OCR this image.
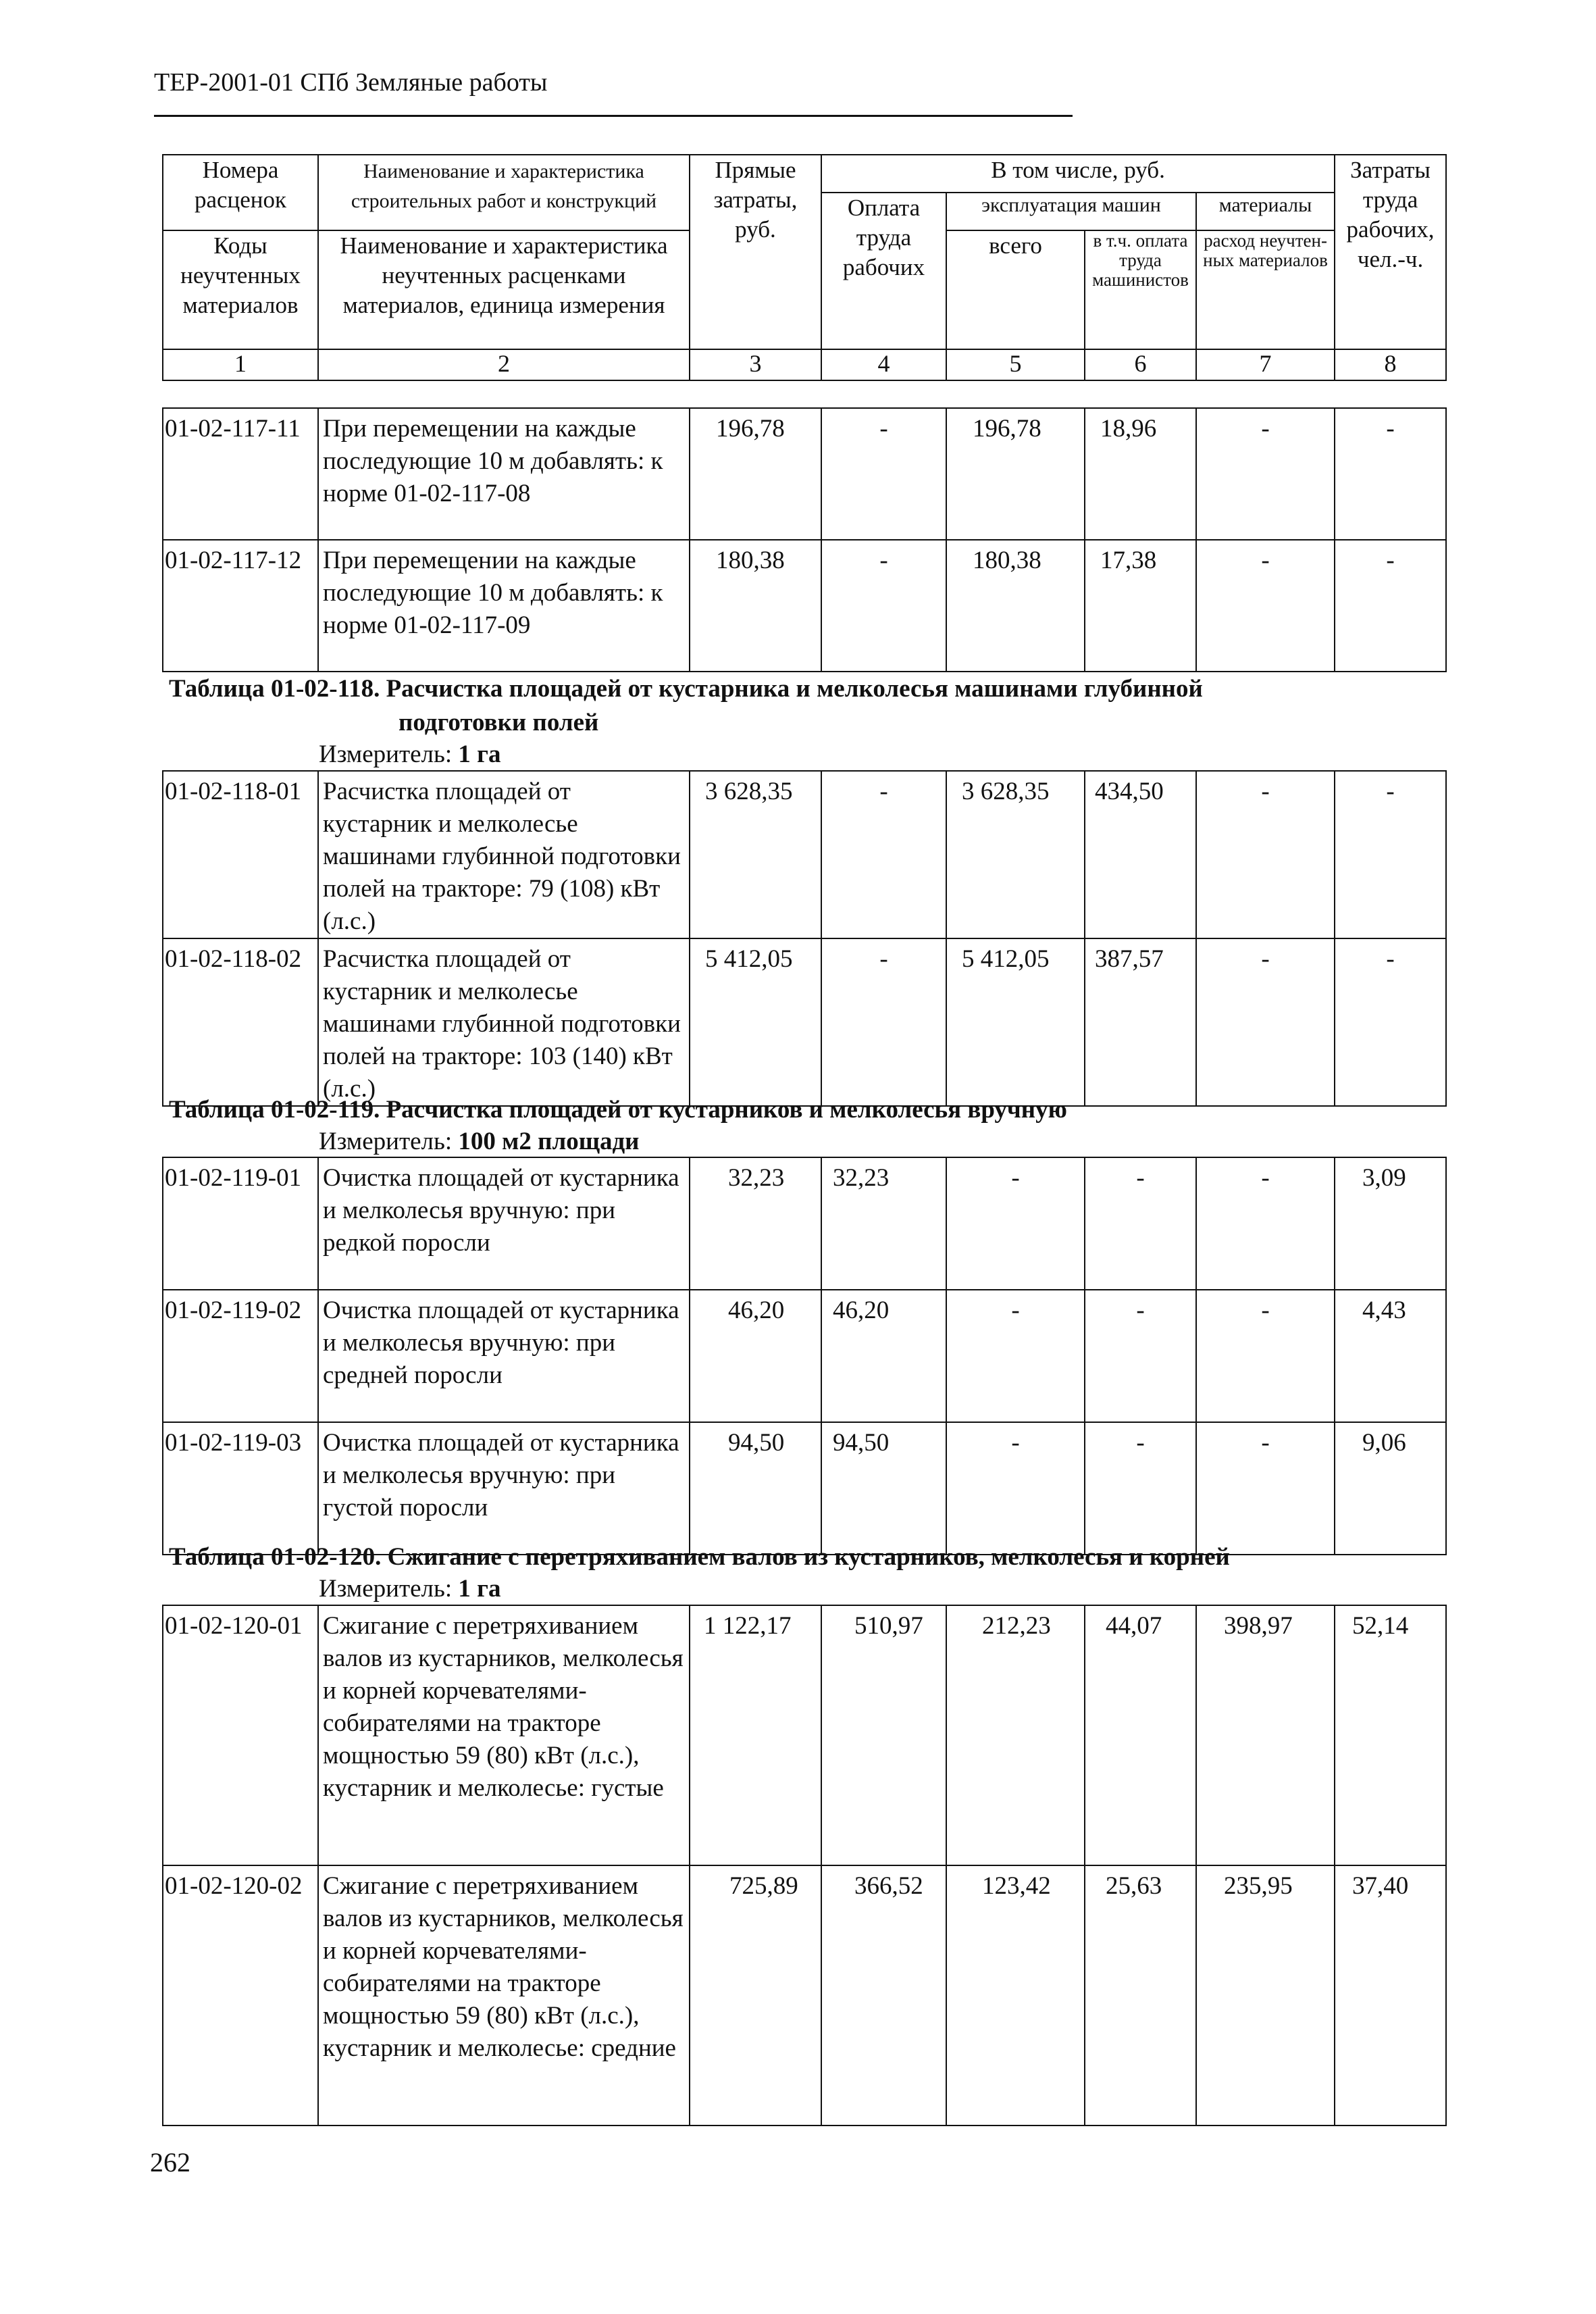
ТЕР-2001-01 СПб Земляные работы
Номера расценок	Наименование и характеристика строительных работ и конструкций	Прямые затраты, руб.	В том числе, руб.				Затраты труда рабочих, чел.-ч.
			Оплата труда рабочих	эксплуатация машин		материалы	
Коды неучтенных материалов	Наименование и характеристика неучтенных расценками материалов, единица измерения			всего	в т.ч. оплата труда машинистов	расход неучтен-ных материалов	

1	2	3	4	5	6	7	8
01-02-117-11	При перемещении на каждые последующие 10 м добавлять: к норме 01-02-117-08	196,78	-	196,78	18,96	-	-
01-02-117-12	При перемещении на каждые последующие 10 м добавлять: к норме 01-02-117-09	180,38	-	180,38	17,38	-	-
Таблица 01-02-118. Расчистка площадей от кустарника и мелколесья машинами глубинной
подготовки полей
Измеритель: 1 га
01-02-118-01	Расчистка площадей от кустарник и мелколесье машинами глубинной подготовки полей на тракторе: 79 (108) кВт (л.с.)	3 628,35	-	3 628,35	434,50	-	-
01-02-118-02	Расчистка площадей от кустарник и мелколесье машинами глубинной подготовки полей на тракторе: 103 (140) кВт (л.с.)	5 412,05	-	5 412,05	387,57	-	-
Таблица 01-02-119. Расчистка площадей от кустарников и мелколесья вручную
Измеритель: 100 м2 площади
01-02-119-01	Очистка площадей от кустарника и мелколесья вручную: при редкой поросли	32,23	32,23	-	-	-	3,09
01-02-119-02	Очистка площадей от кустарника и мелколесья вручную: при средней поросли	46,20	46,20	-	-	-	4,43
01-02-119-03	Очистка площадей от кустарника и мелколесья вручную: при густой поросли	94,50	94,50	-	-	-	9,06
Таблица 01-02-120. Сжигание с перетряхиванием валов из кустарников, мелколесья и корней
Измеритель: 1 га
01-02-120-01	Сжигание с перетряхиванием валов из кустарников, мелколесья и корней корчевателями- собирателями на тракторе мощностью 59 (80) кВт (л.с.), кустарник и мелколесье: густые	1 122,17	510,97	212,23	44,07	398,97	52,14
01-02-120-02	Сжигание с перетряхиванием валов из кустарников, мелколесья и корней корчевателями- собирателями на тракторе мощностью 59 (80) кВт (л.с.), кустарник и мелколесье: средние	725,89	366,52	123,42	25,63	235,95	37,40
262
